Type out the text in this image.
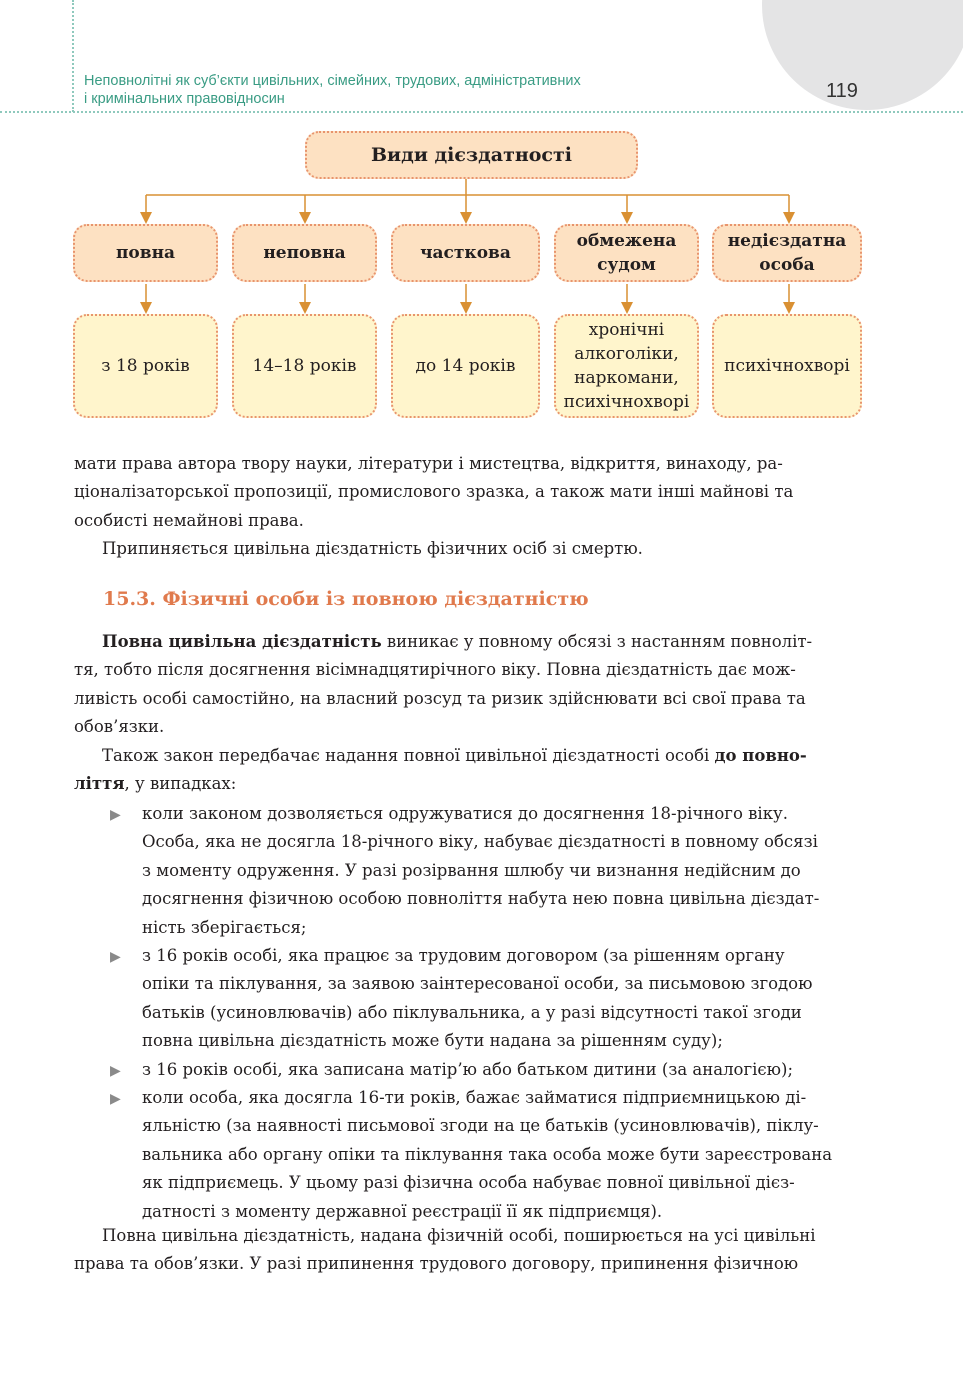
Неповнолітні як суб’єкти цивільних, сімейних, трудових, адміністративних
і кримінальних правовідносин	119
Види дієздатності
повна	неповна	часткова
обмежена
судом
недієздатна
особа
з 18 років	14–18 років	до 14 років
хронічні
алкоголіки,
наркомани,
психічнохворі
психічнохворі

мати права автора твору науки, літератури і мистецтва, відкриття, винаходу, ра-

ціоналізаторської пропозиції, промислового зразка, а також мати інші майнові та

особисті немайнові права.

Припиняється цивільна дієздатність фізичних осіб зі смертю.

15.3. Фізичні особи із повною дієздатністю

Повна цивільна дієздатність виникає у повному обсязі з настанням повноліт-

тя, тобто після досягнення вісімнадцятирічного віку. Повна дієздатність дає мож-

ливість особі самостійно, на власний розсуд та ризик здійснювати всі свої права та

обов’язки.

Також закон передбачає надання повної цивільної дієздатності особі до повно-

ліття, у випадках:

▶ коли законом дозволяється одружуватися до досягнення 18-річного віку.

Особа, яка не досягла 18-річного віку, набуває дієздатності в повному обсязі

з моменту одруження. У разі розірвання шлюбу чи визнання недійсним до

досягнення фізичною особою повноліття набута нею повна цивільна дієздат-

ність зберігається;

▶ з 16 років особі, яка працює за трудовим договором (за рішенням органу

опіки та піклування, за заявою заінтересованої особи, за письмовою згодою

батьків (усиновлювачів) або піклувальника, а у разі відсутності такої згоди

повна цивільна дієздатність може бути надана за рішенням суду);

▶ з 16 років особі, яка записана матір’ю або батьком дитини (за аналогією);

▶ коли особа, яка досягла 16-ти років, бажає займатися підприємницькою ді-

яльністю (за наявності письмової згоди на це батьків (усиновлювачів), піклу-

вальника або органу опіки та піклування така особа може бути зареєстрована

як підприємець. У цьому разі фізична особа набуває повної цивільної дієз-

датності з моменту державної реєстрації її як підприємця).

Повна цивільна дієздатність, надана фізичній особі, поширюється на усі цивільні

права та обов’язки. У разі припинення трудового договору, припинення фізичною
